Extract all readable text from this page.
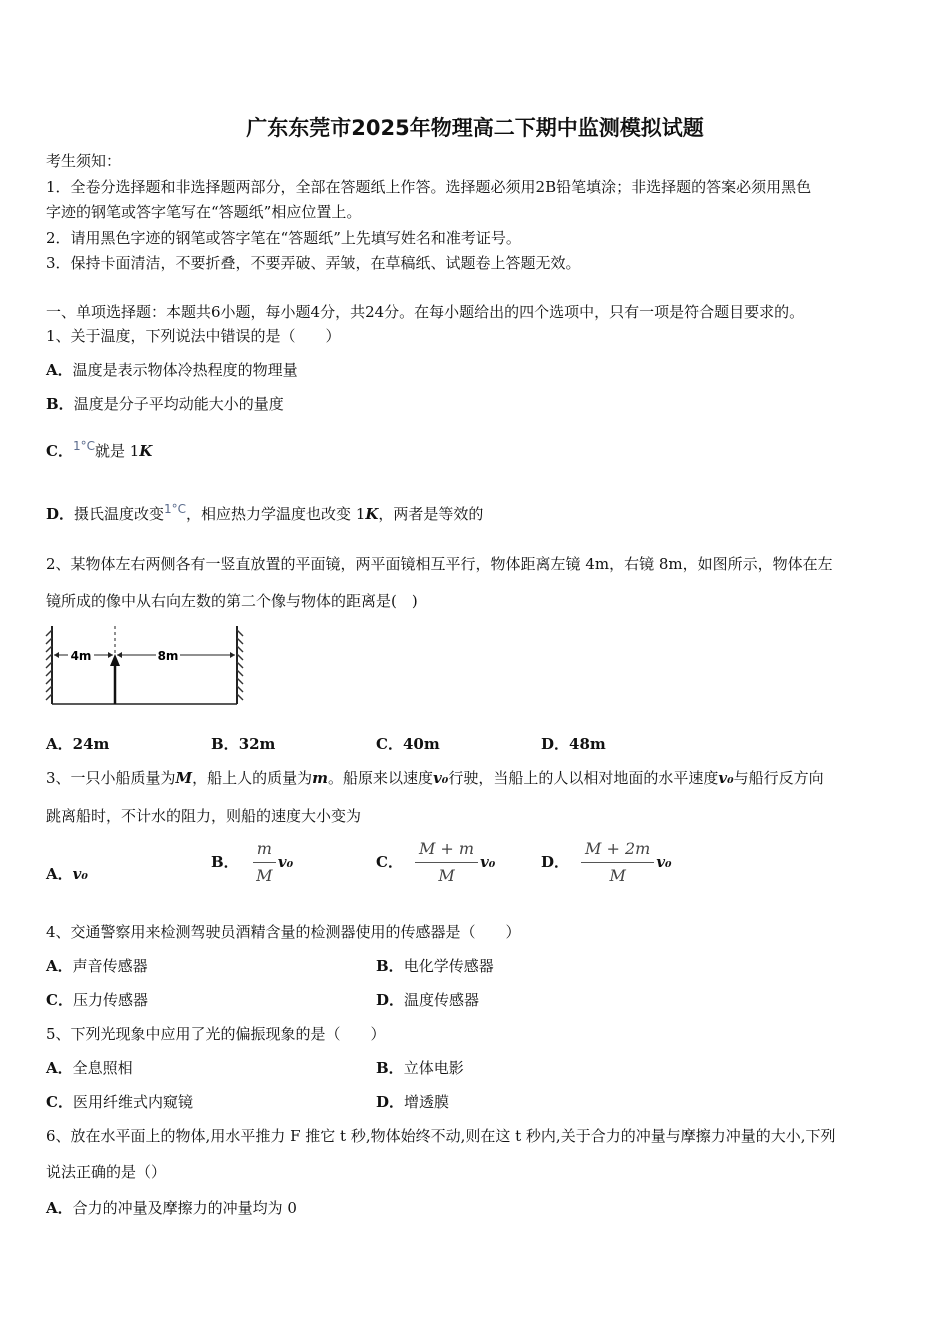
广东东莞市2025年物理高二下期中监测模拟试题
考生须知：
1．全卷分选择题和非选择题两部分，全部在答题纸上作答。选择题必须用2B铅笔填涂；非选择题的答案必须用黑色
字迹的钢笔或答字笔写在“答题纸”相应位置上。
2．请用黑色字迹的钢笔或答字笔在“答题纸”上先填写姓名和准考证号。
3．保持卡面清洁，不要折叠，不要弄破、弄皱，在草稿纸、试题卷上答题无效。
一、单项选择题：本题共6小题，每小题4分，共24分。在每小题给出的四个选项中，只有一项是符合题目要求的。
1、关于温度，下列说法中错误的是（　　）
A．温度是表示物体冷热程度的物理量
B．温度是分子平均动能大小的量度
C．$^{1^\circ C}$就是 1K
D．摄氏温度改变$^{1^\circ C}$，相应热力学温度也改变 1K，两者是等效的
2、某物体左右两侧各有一竖直放置的平面镜，两平面镜相互平行，物体距离左镜 4m，右镜 8m，如图所示，物体在左
镜所成的像中从右向左数的第二个像与物体的距离是(　)
4m	8m
A．24m	B．32m	C．40m	D．48m
3、一只小船质量为M，船上人的质量为m。船原来以速度v₀行驶，当船上的人以相对地面的水平速度v₀与船行反方向
跳离船时，不计水的阻力，则船的速度大小变为
A．v₀
B． $\frac{m}{M} v_0$	C． $\frac{M + m}{M} v_0$	D． $\frac{M + 2m}{M} v_0$
4、交通警察用来检测驾驶员酒精含量的检测器使用的传感器是（　　）
A．声音传感器	B．电化学传感器
C．压力传感器	D．温度传感器
5、下列光现象中应用了光的偏振现象的是（　　）
A．全息照相	B．立体电影
C．医用纤维式内窥镜	D．增透膜
6、放在水平面上的物体,用水平推力 F 推它 t 秒,物体始终不动,则在这 t 秒内,关于合力的冲量与摩擦力冲量的大小,下列
说法正确的是（）
A．合力的冲量及摩擦力的冲量均为 0
